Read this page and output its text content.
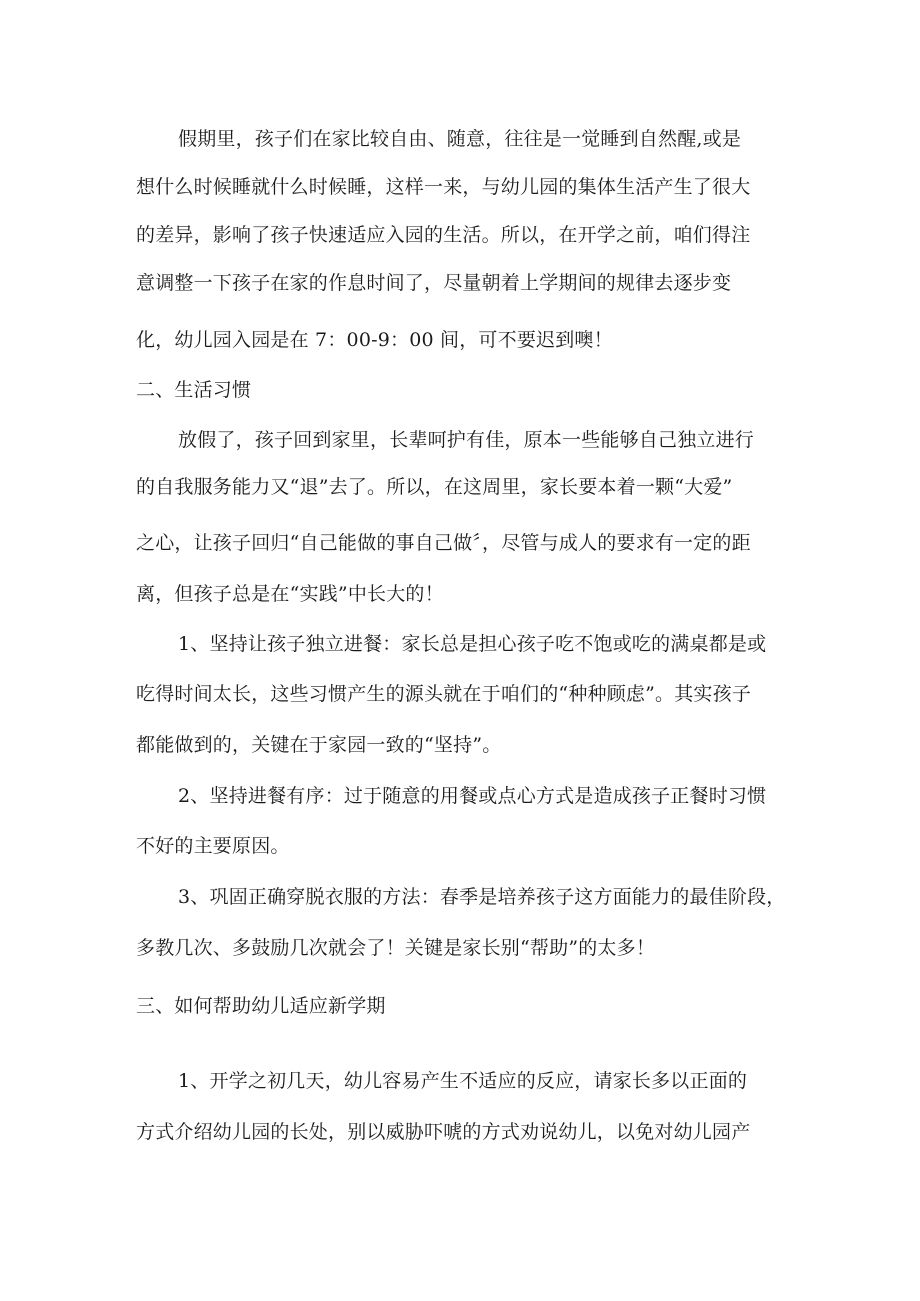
假期里，孩子们在家比较自由、随意，往往是一觉睡到自然醒,或是
想什么时候睡就什么时候睡，这样一来，与幼儿园的集体生活产生了很大
的差异，影响了孩子快速适应入园的生活。所以，在开学之前，咱们得注
意调整一下孩子在家的作息时间了，尽量朝着上学期间的规律去逐步变
化，幼儿园入园是在 7：00-9：00 间，可不要迟到噢！
二、生活习惯
放假了，孩子回到家里，长辈呵护有佳，原本一些能够自己独立进行
的自我服务能力又“退”去了。所以，在这周里，家长要本着一颗“大爱”
之心，让孩子回归“自己能做的事自己做〞，尽管与成人的要求有一定的距
离，但孩子总是在“实践”中长大的！
1、坚持让孩子独立进餐：家长总是担心孩子吃不饱或吃的满桌都是或
吃得时间太长，这些习惯产生的源头就在于咱们的“种种顾虑”。其实孩子
都能做到的，关键在于家园一致的“坚持”。
2、坚持进餐有序：过于随意的用餐或点心方式是造成孩子正餐时习惯
不好的主要原因。
3、巩固正确穿脱衣服的方法：春季是培养孩子这方面能力的最佳阶段，
多教几次、多鼓励几次就会了！关键是家长别“帮助”的太多！
三、如何帮助幼儿适应新学期
1、开学之初几天，幼儿容易产生不适应的反应，请家长多以正面的
方式介绍幼儿园的长处，别以威胁吓唬的方式劝说幼儿，以免对幼儿园产
